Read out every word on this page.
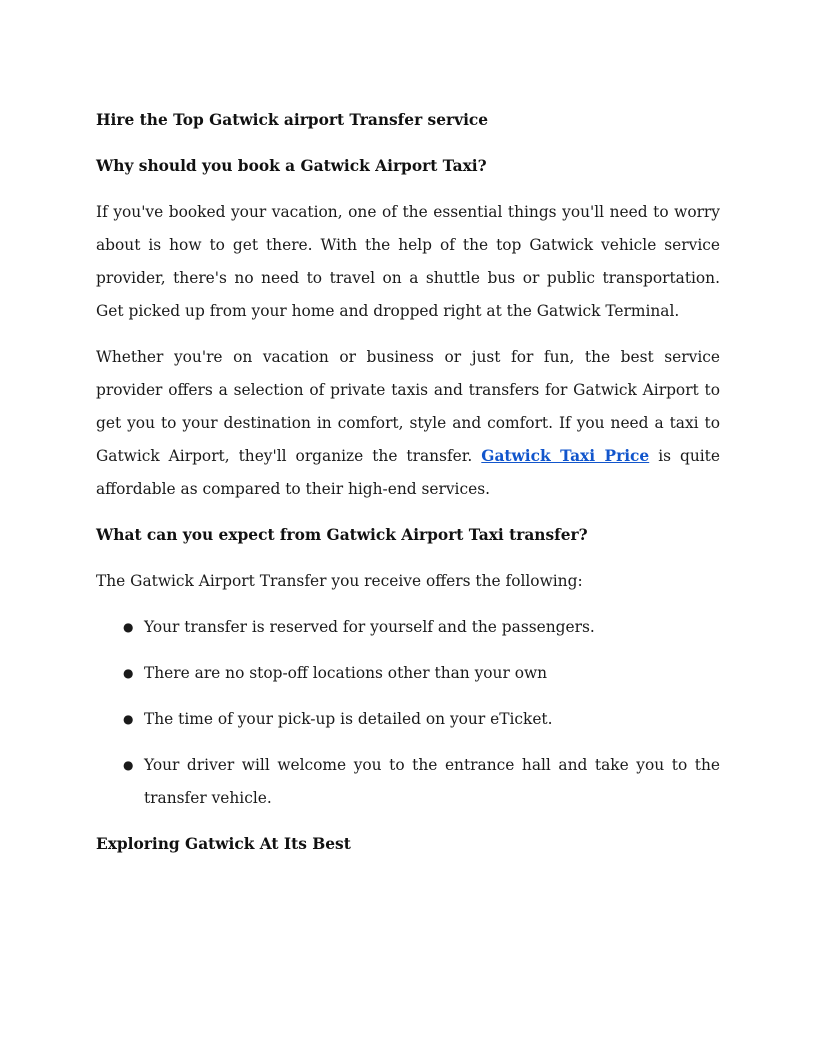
Hire the Top Gatwick airport Transfer service
Why should you book a Gatwick Airport Taxi?

If you've booked your vacation, one of the essential things you'll need to worry about is how to get there. With the help of the top Gatwick vehicle service provider, there's no need to travel on a shuttle bus or public transportation. Get picked up from your home and dropped right at the Gatwick Terminal.

Whether you're on vacation or business or just for fun, the best service provider offers a selection of private taxis and transfers for Gatwick Airport to get you to your destination in comfort, style and comfort. If you need a taxi to Gatwick Airport, they'll organize the transfer. Gatwick Taxi Price is quite affordable as compared to their high-end services.

What can you expect from Gatwick Airport Taxi transfer?

The Gatwick Airport Transfer you receive offers the following:

● Your transfer is reserved for yourself and the passengers.
● There are no stop-off locations other than your own
● The time of your pick-up is detailed on your eTicket.
● Your driver will welcome you to the entrance hall and take you to the transfer vehicle.
Exploring Gatwick At Its Best
